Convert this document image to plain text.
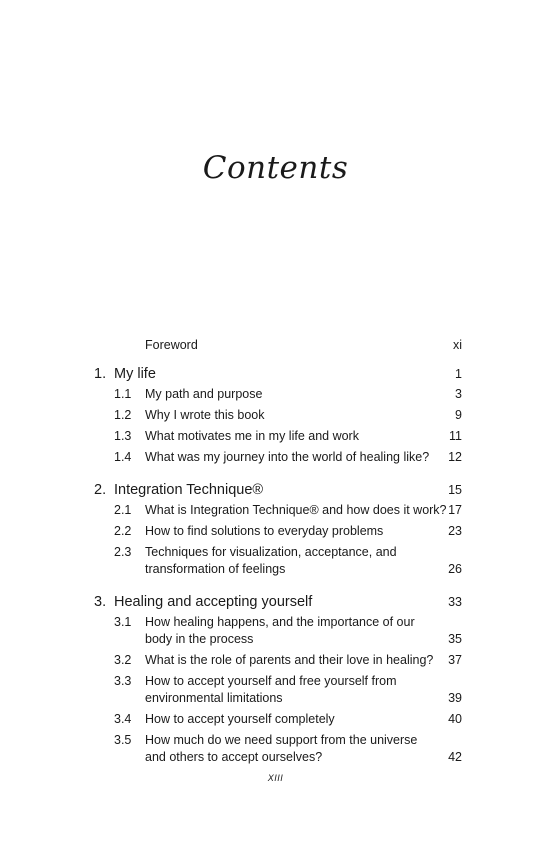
Contents
Foreword	xi
1. My life	1
1.1 My path and purpose	3
1.2 Why I wrote this book	9
1.3 What motivates me in my life and work	11
1.4 What was my journey into the world of healing like?	12
2. Integration Technique®	15
2.1 What is Integration Technique® and how does it work? 17
2.2 How to find solutions to everyday problems	23
2.3 Techniques for visualization, acceptance, and
transformation of feelings	26
3. Healing and accepting yourself	33
3.1 How healing happens, and the importance of our
body in the process	35
3.2 What is the role of parents and their love in healing? 37
3.3 How to accept yourself and free yourself from
environmental limitations	39
3.4 How to accept yourself completely	40
3.5 How much do we need support from the universe
and others to accept ourselves?	42
XIII
